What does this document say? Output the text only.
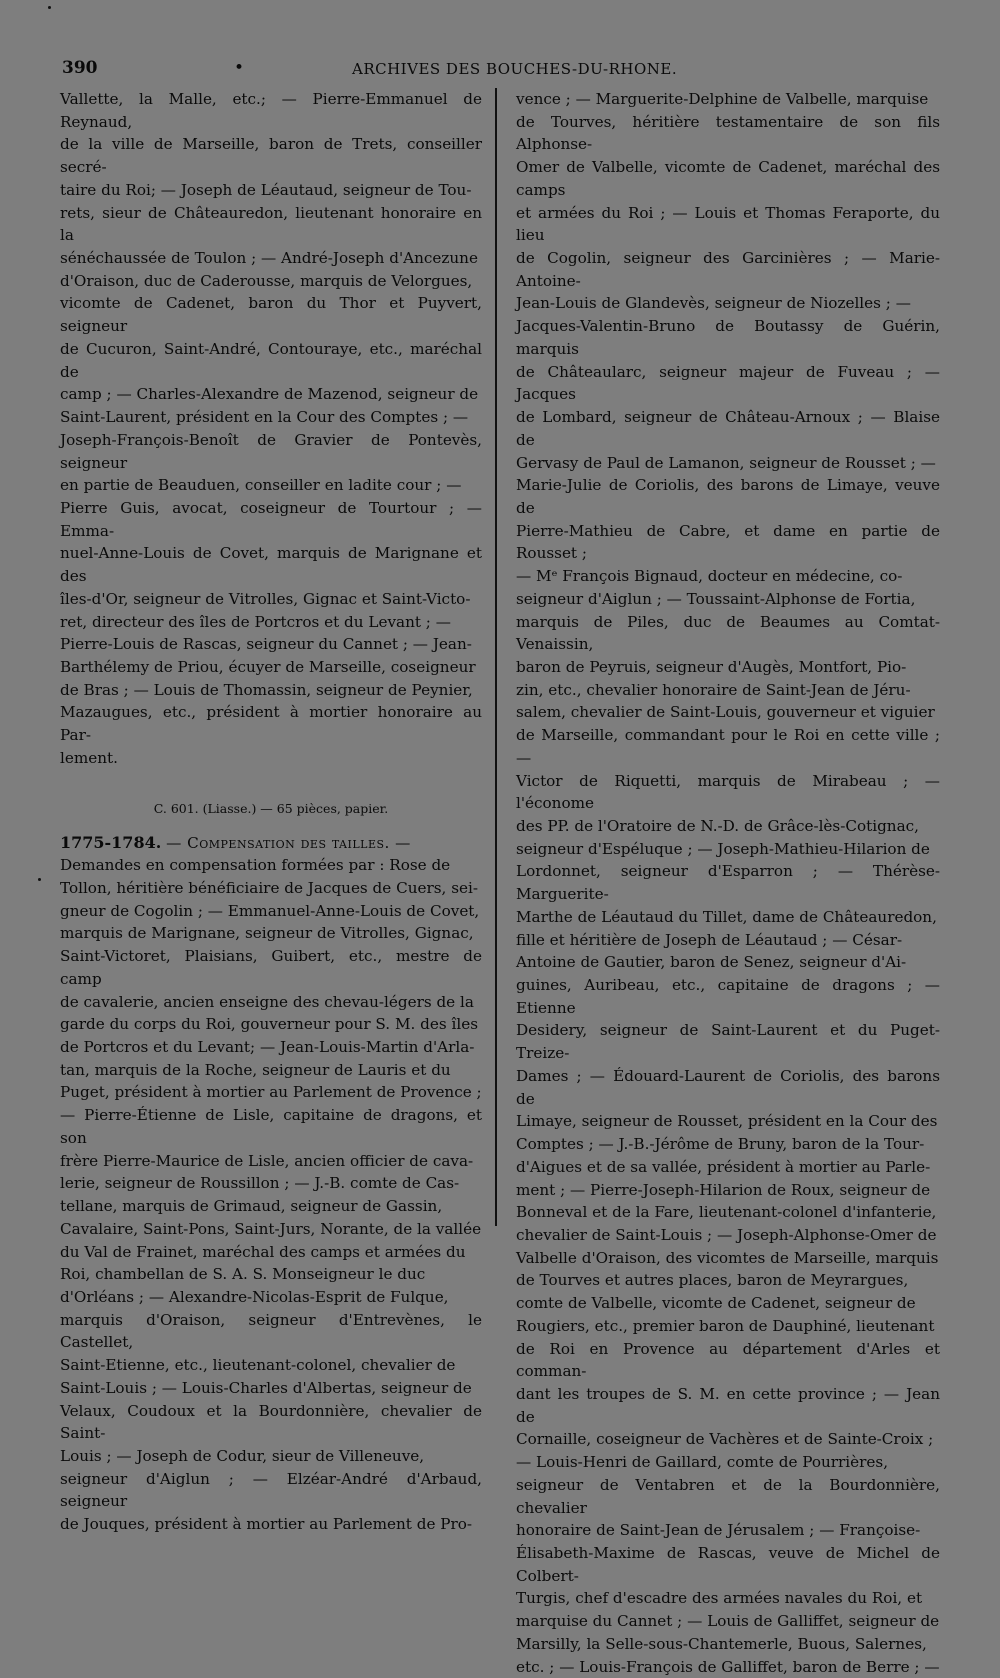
390	•	ARCHIVES DES BOUCHES-DU-RHONE.

Vallette, la Malle, etc.; — Pierre-Emmanuel de Reynaud,
de la ville de Marseille, baron de Trets, conseiller secré-
taire du Roi; — Joseph de Léautaud, seigneur de Tou-
rets, sieur de Châteauredon, lieutenant honoraire en la
sénéchaussée de Toulon ; — André-Joseph d'Ancezune
d'Oraison, duc de Caderousse, marquis de Velorgues,
vicomte de Cadenet, baron du Thor et Puyvert, seigneur
de Cucuron, Saint-André, Contouraye, etc., maréchal de
camp ; — Charles-Alexandre de Mazenod, seigneur de
Saint-Laurent, président en la Cour des Comptes ; —
Joseph-François-Benoît de Gravier de Pontevès, seigneur
en partie de Beauduen, conseiller en ladite cour ; —
Pierre Guis, avocat, coseigneur de Tourtour ; — Emma-
nuel-Anne-Louis de Covet, marquis de Marignane et des
îles-d'Or, seigneur de Vitrolles, Gignac et Saint-Victo-
ret, directeur des îles de Portcros et du Levant ; —
Pierre-Louis de Rascas, seigneur du Cannet ; — Jean-
Barthélemy de Priou, écuyer de Marseille, coseigneur
de Bras ; — Louis de Thomassin, seigneur de Peynier,
Mazaugues, etc., président à mortier honoraire au Par-
lement.

C. 601. (Liasse.) — 65 pièces, papier.

1775-1784. — Compensation des tailles. —
Demandes en compensation formées par : Rose de
Tollon, héritière bénéficiaire de Jacques de Cuers, sei-
gneur de Cogolin ; — Emmanuel-Anne-Louis de Covet,
marquis de Marignane, seigneur de Vitrolles, Gignac,
Saint-Victoret, Plaisians, Guibert, etc., mestre de camp
de cavalerie, ancien enseigne des chevau-légers de la
garde du corps du Roi, gouverneur pour S. M. des îles
de Portcros et du Levant; — Jean-Louis-Martin d'Arla-
tan, marquis de la Roche, seigneur de Lauris et du
Puget, président à mortier au Parlement de Provence ;
— Pierre-Étienne de Lisle, capitaine de dragons, et son
frère Pierre-Maurice de Lisle, ancien officier de cava-
lerie, seigneur de Roussillon ; — J.-B. comte de Cas-
tellane, marquis de Grimaud, seigneur de Gassin,
Cavalaire, Saint-Pons, Saint-Jurs, Norante, de la vallée
du Val de Frainet, maréchal des camps et armées du
Roi, chambellan de S. A. S. Monseigneur le duc
d'Orléans ; — Alexandre-Nicolas-Esprit de Fulque,
marquis d'Oraison, seigneur d'Entrevènes, le Castellet,
Saint-Etienne, etc., lieutenant-colonel, chevalier de
Saint-Louis ; — Louis-Charles d'Albertas, seigneur de
Velaux, Coudoux et la Bourdonnière, chevalier de Saint-
Louis ; — Joseph de Codur, sieur de Villeneuve,
seigneur d'Aiglun ; — Elzéar-André d'Arbaud, seigneur
de Jouques, président à mortier au Parlement de Pro-

vence ; — Marguerite-Delphine de Valbelle, marquise
de Tourves, héritière testamentaire de son fils Alphonse-
Omer de Valbelle, vicomte de Cadenet, maréchal des camps
et armées du Roi ; — Louis et Thomas Feraporte, du lieu
de Cogolin, seigneur des Garcinières ; — Marie-Antoine-
Jean-Louis de Glandevès, seigneur de Niozelles ; —
Jacques-Valentin-Bruno de Boutassy de Guérin, marquis
de Châteaularc, seigneur majeur de Fuveau ; — Jacques
de Lombard, seigneur de Château-Arnoux ; — Blaise de
Gervasy de Paul de Lamanon, seigneur de Rousset ; —
Marie-Julie de Coriolis, des barons de Limaye, veuve de
Pierre-Mathieu de Cabre, et dame en partie de Rousset ;
— Mᵉ François Bignaud, docteur en médecine, co-
seigneur d'Aiglun ; — Toussaint-Alphonse de Fortia,
marquis de Piles, duc de Beaumes au Comtat-Venaissin,
baron de Peyruis, seigneur d'Augès, Montfort, Pio-
zin, etc., chevalier honoraire de Saint-Jean de Jéru-
salem, chevalier de Saint-Louis, gouverneur et viguier
de Marseille, commandant pour le Roi en cette ville ; —
Victor de Riquetti, marquis de Mirabeau ; — l'économe
des PP. de l'Oratoire de N.-D. de Grâce-lès-Cotignac,
seigneur d'Espéluque ; — Joseph-Mathieu-Hilarion de
Lordonnet, seigneur d'Esparron ; — Thérèse-Marguerite-
Marthe de Léautaud du Tillet, dame de Châteauredon,
fille et héritière de Joseph de Léautaud ; — César-
Antoine de Gautier, baron de Senez, seigneur d'Ai-
guines, Auribeau, etc., capitaine de dragons ; — Etienne
Desidery, seigneur de Saint-Laurent et du Puget-Treize-
Dames ; — Édouard-Laurent de Coriolis, des barons de
Limaye, seigneur de Rousset, président en la Cour des
Comptes ; — J.-B.-Jérôme de Bruny, baron de la Tour-
d'Aigues et de sa vallée, président à mortier au Parle-
ment ; — Pierre-Joseph-Hilarion de Roux, seigneur de
Bonneval et de la Fare, lieutenant-colonel d'infanterie,
chevalier de Saint-Louis ; — Joseph-Alphonse-Omer de
Valbelle d'Oraison, des vicomtes de Marseille, marquis
de Tourves et autres places, baron de Meyrargues,
comte de Valbelle, vicomte de Cadenet, seigneur de
Rougiers, etc., premier baron de Dauphiné, lieutenant
de Roi en Provence au département d'Arles et comman-
dant les troupes de S. M. en cette province ; — Jean de
Cornaille, coseigneur de Vachères et de Sainte-Croix ;
— Louis-Henri de Gaillard, comte de Pourrières,
seigneur de Ventabren et de la Bourdonnière, chevalier
honoraire de Saint-Jean de Jérusalem ; — Françoise-
Élisabeth-Maxime de Rascas, veuve de Michel de Colbert-
Turgis, chef d'escadre des armées navales du Roi, et
marquise du Cannet ; — Louis de Galliffet, seigneur de
Marsilly, la Selle-sous-Chantemerle, Buous, Salernes,
etc. ; — Louis-François de Galliffet, baron de Berre ; —
